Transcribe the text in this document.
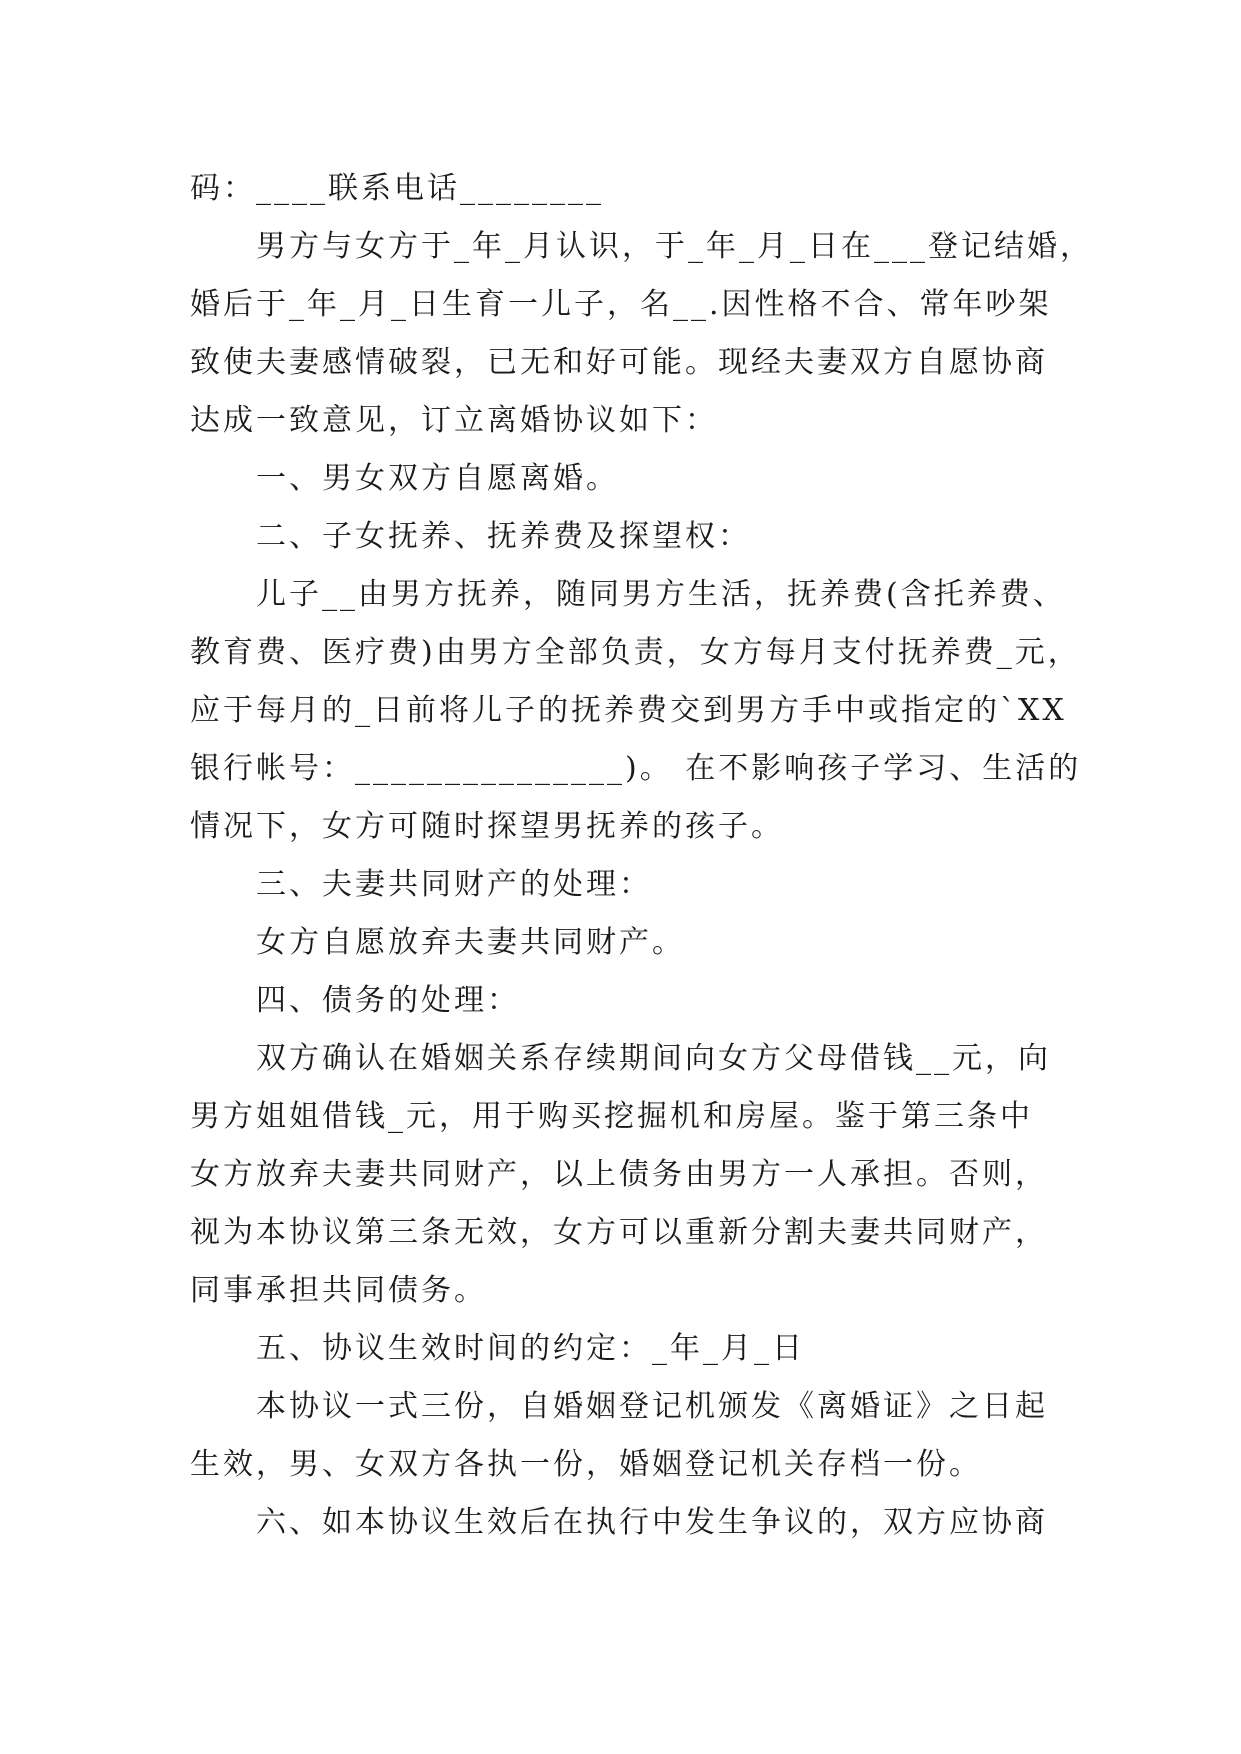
码：____联系电话________
男方与女方于_年_月认识，于_年_月_日在___登记结婚，
婚后于_年_月_日生育一儿子，名__.因性格不合、常年吵架
致使夫妻感情破裂，已无和好可能。现经夫妻双方自愿协商
达成一致意见，订立离婚协议如下：
一、男女双方自愿离婚。
二、子女抚养、抚养费及探望权：
儿子__由男方抚养，随同男方生活，抚养费(含托养费、
教育费、医疗费)由男方全部负责，女方每月支付抚养费_元，
应于每月的_日前将儿子的抚养费交到男方手中或指定的`XX
银行帐号：_______________)。 在不影响孩子学习、生活的
情况下，女方可随时探望男抚养的孩子。
三、夫妻共同财产的处理：
女方自愿放弃夫妻共同财产。
四、债务的处理：
双方确认在婚姻关系存续期间向女方父母借钱__元，向
男方姐姐借钱_元，用于购买挖掘机和房屋。鉴于第三条中
女方放弃夫妻共同财产，以上债务由男方一人承担。否则，
视为本协议第三条无效，女方可以重新分割夫妻共同财产，
同事承担共同债务。
五、协议生效时间的约定：_年_月_日
本协议一式三份，自婚姻登记机颁发《离婚证》之日起
生效，男、女双方各执一份，婚姻登记机关存档一份。
六、如本协议生效后在执行中发生争议的，双方应协商
